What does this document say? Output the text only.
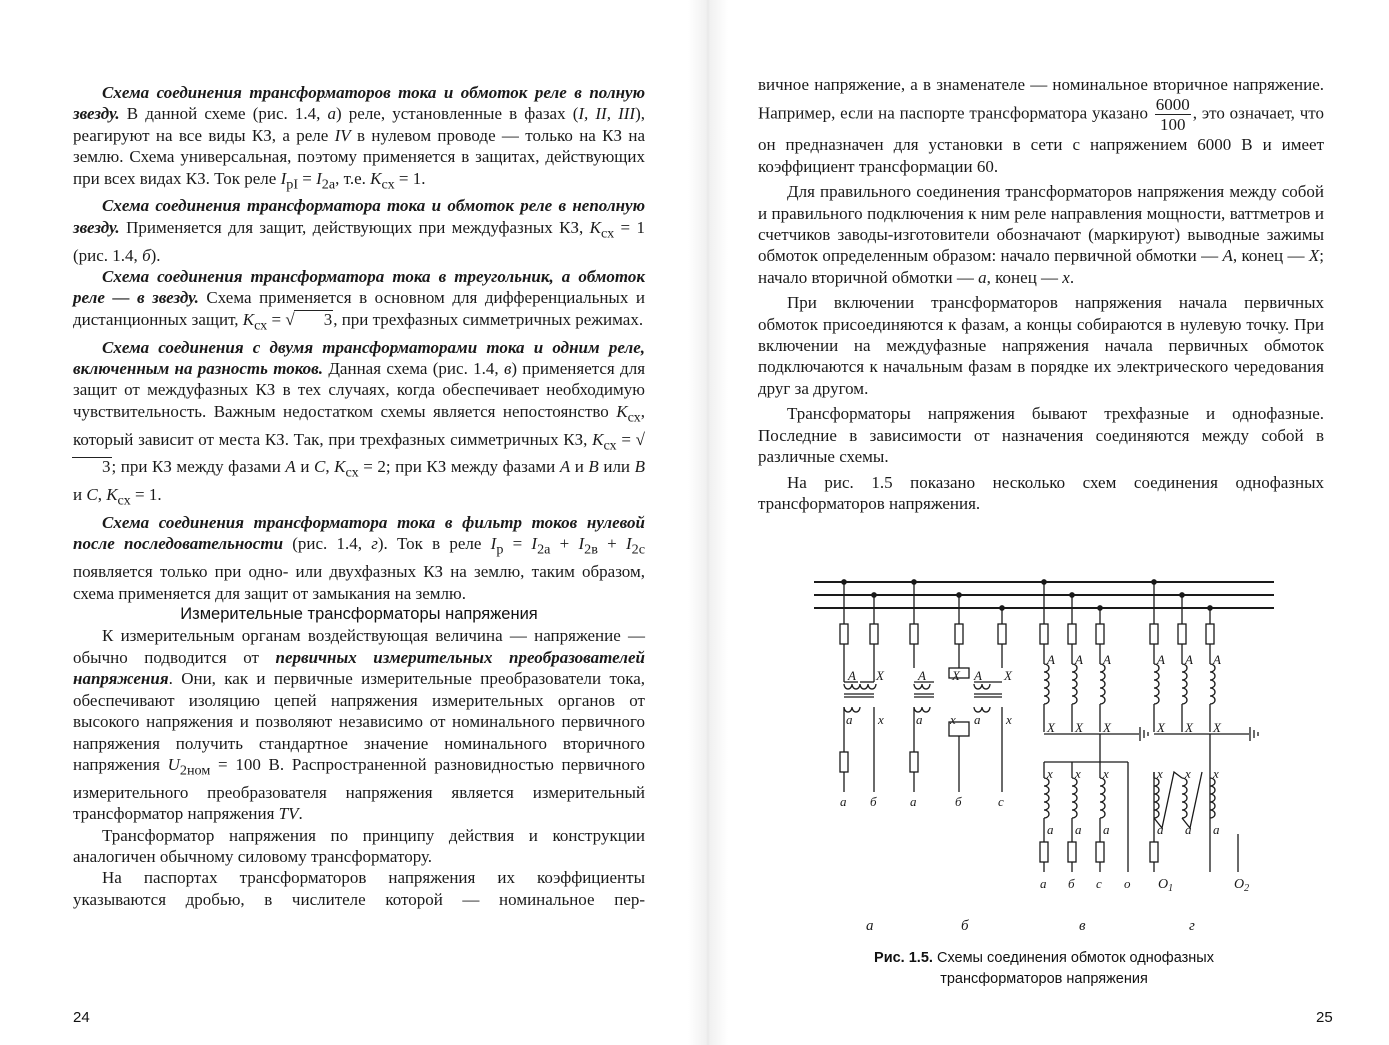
Схема соединения трансформаторов тока и обмоток реле в полную звезду. В данной схеме (рис. 1.4, а) реле, установленные в фазах (I, II, III), реагируют на все виды КЗ, а реле IV в нулевом проводе — только на КЗ на землю. Схема универсальная, поэтому применяется в защитах, действующих при всех видах КЗ. Ток реле $I_{рI} = I_{2а}$, т.е. $K_{сх} = 1$.

Схема соединения трансформатора тока и обмоток реле в неполную звезду. Применяется для защит, действующих при междуфазных КЗ, $K_{сх} = 1$ (рис. 1.4, б).

Схема соединения трансформатора тока в треугольник, а обмоток реле — в звезду. Схема применяется в основном для дифференциальных и дистанционных защит, $K_{сх}$ = √ 3, при трехфазных симметричных режимах.

Схема соединения с двумя трансформаторами тока и одним реле, включенным на разность токов. Данная схема (рис. 1.4, в) применяется для защит от междуфазных КЗ в тех случаях, когда обеспечивает необходимую чувствительность. Важным недостатком схемы является непостоянство $K_{сх}$, который зависит от места КЗ. Так, при трехфазных симметричных КЗ, $K_{сх} = √3$; при КЗ между фазами А и С, $K_{сх} = 2$; при КЗ между фазами А и В или В и С, $K_{сх} = 1$.

Схема соединения трансформатора тока в фильтр токов нулевой после последовательности (рис. 1.4, г). Ток в реле $I_р = I_{2а} + I_{2в} + I_{2с}$ появляется только при одно- или двухфазных КЗ на землю, таким образом, схема применяется для защит от замыкания на землю.

Измерительные трансформаторы напряжения

К измерительным органам воздействующая величина — напряжение — обычно подводится от первичных измерительных преобразователей напряжения. Они, как и первичные измерительные преобразователи тока, обеспечивают изоляцию цепей напряжения измерительных органов от высокого напряжения и позволяют независимо от номинального первичного напряжения получить стандартное значение номинального вторичного напряжения $U_{2ном} = 100$ В. Распространенной разновидностью первичного измерительного преобразователя напряжения является измерительный трансформатор напряжения TV.

Трансформатор напряжения по принципу действия и конструкции аналогичен обычному силовому трансформатору.

На паспортах трансформаторов напряжения их коэффициенты указываются дробью, в числителе которой — номинальное пер-

24

вичное напряжение, а в знаменателе — номинальное вторичное напряжение. Например, если на паспорте трансформатора указано $\frac{6000}{100}$ , это означает, что он предназначен для установки в сети с напряжением 6000 В и имеет коэффициент трансформации 60.

Для правильного соединения трансформаторов напряжения между собой и правильного подключения к ним реле направления мощности, ваттметров и счетчиков заводы-изготовители обозначают (маркируют) выводные зажимы обмоток определенным образом: начало первичной обмотки — А, конец — Х; начало вторичной обмотки — а, конец — х.

При включении трансформаторов напряжения начала первичных обмоток присоединяются к фазам, а концы собираются в нулевую точку. При включении на междуфазные напряжения начала первичных обмоток подключаются к начальным фазам в порядке их электрического чередования друг за другом.

Трансформаторы напряжения бывают трехфазные и однофазные. Последние в зависимости от назначения соединяются между собой в различные схемы.

На рис. 1.5 показано несколько схем соединения однофазных трансформаторов напряжения.

А Х
а х
а б
А Х А Х
а х а х
а	б	с
А
Х
А
Х
А
Х
х
а
х
а
х
а
а б с о
А
Х
А
Х
А
Х
х
а
х
а
х
а
$O_1$	$O_2$
а	б	в	г
Рис. 1.5. Схемы соединения обмоток однофазных трансформаторов напряжения
25
